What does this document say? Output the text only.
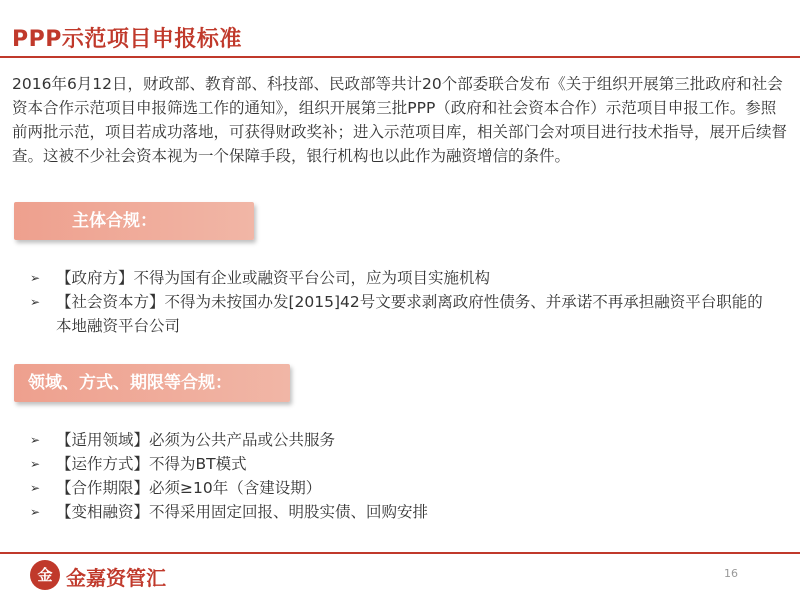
PPP示范项目申报标准
2016年6月12日，财政部、教育部、科技部、民政部等共计20个部委联合发布《关于组织开展第三批政府和社会资本合作示范项目申报筛选工作的通知》，组织开展第三批PPP（政府和社会资本合作）示范项目申报工作。参照前两批示范，项目若成功落地，可获得财政奖补；进入示范项目库，相关部门会对项目进行技术指导，展开后续督查。这被不少社会资本视为一个保障手段，银行机构也以此作为融资增信的条件。
主体合规：
➢ 【政府方】不得为国有企业或融资平台公司，应为项目实施机构
➢ 【社会资本方】不得为未按国办发[2015]42号文要求剥离政府性债务、并承诺不再承担融资平台职能的本地融资平台公司
领域、方式、期限等合规：
➢ 【适用领域】必须为公共产品或公共服务
➢ 【运作方式】不得为BT模式
➢ 【合作期限】必须≥10年（含建设期）
➢ 【变相融资】不得采用固定回报、明股实债、回购安排
金 金嘉资管汇	16
